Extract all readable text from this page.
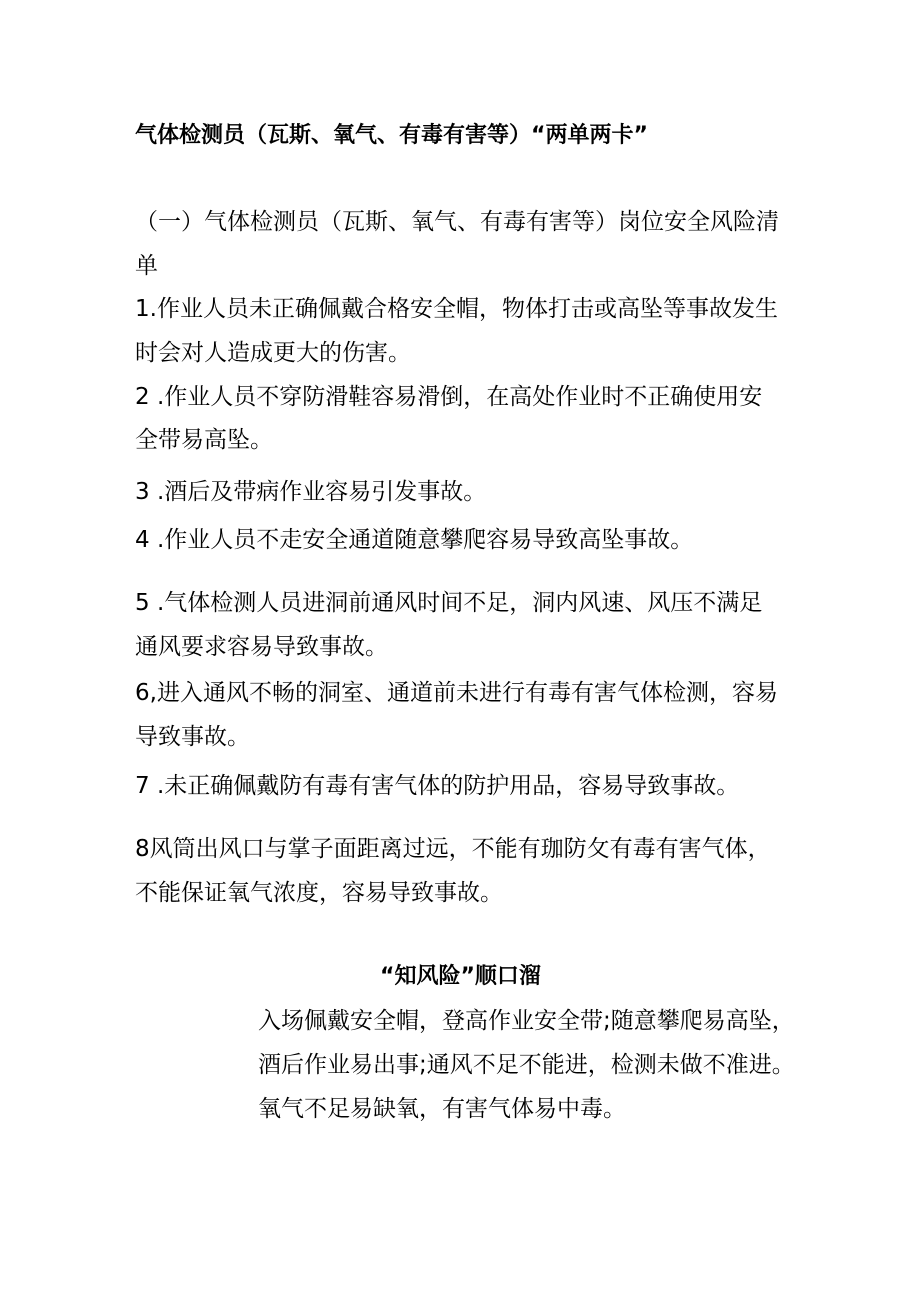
气体检测员（瓦斯、氧气、有毒有害等）“两单两卡”
（一）气体检测员（瓦斯、氧气、有毒有害等）岗位安全风险清
单
1.作业人员未正确佩戴合格安全帽，物体打击或高坠等事故发生
时会对人造成更大的伤害。
2 .作业人员不穿防滑鞋容易滑倒，在高处作业时不正确使用安
全带易高坠。
3 .酒后及带病作业容易引发事故。
4 .作业人员不走安全通道随意攀爬容易导致高坠事故。
5 .气体检测人员进洞前通风时间不足，洞内风速、风压不满足
通风要求容易导致事故。
6,进入通风不畅的洞室、通道前未进行有毒有害气体检测，容易
导致事故。
7 .未正确佩戴防有毒有害气体的防护用品，容易导致事故。
8风筒出风口与掌子面距离过远，不能有珈防攵有毒有害气体，
不能保证氧气浓度，容易导致事故。
“知风险”顺口溜
入场佩戴安全帽，登高作业安全带;随意攀爬易高坠，
酒后作业易出事;通风不足不能进，检测未做不准进。
氧气不足易缺氧，有害气体易中毒。
